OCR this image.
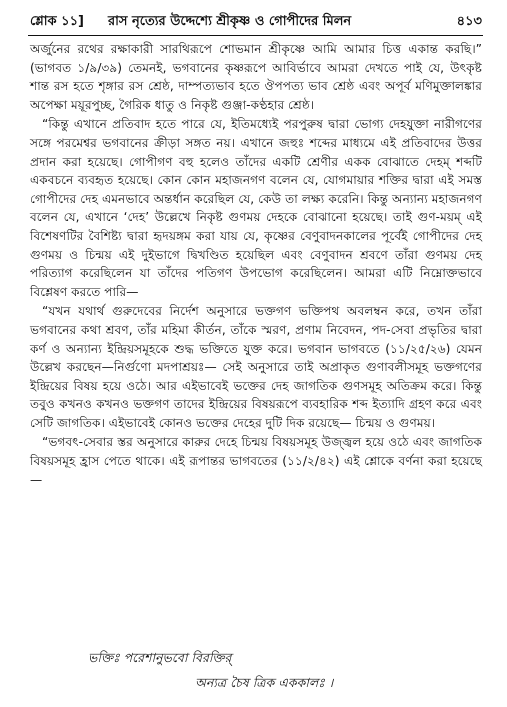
শ্লোক ১১] রাস নৃত্যের উদ্দেশ্যে শ্রীকৃষ্ণ ও গোপীদের মিলন	৪১৩

অর্জুনের রথের রক্ষাকারী সারথিরূপে শোভমান শ্রীকৃষ্ণে আমি আমার চিত্ত একান্ত করছি।” (ভাগবত ১/৯/৩৯) তেমনই, ভগবানের কৃষ্ণরূপে আবির্ভাবে আমরা দেখতে পাই যে, উৎকৃষ্ট শান্ত রস হতে শৃঙ্গার রস শ্রেষ্ঠ, দাম্পত্যভাব হতে ঔপপত্য ভাব শ্রেষ্ঠ এবং অপূর্ব মণিমুক্তালঙ্কার অপেক্ষা ময়ূরপুচ্ছ, গৈরিক ধাতু ও নিকৃষ্ট গুঞ্জা-কণ্ঠহার শ্রেষ্ঠ।

“কিন্তু এখানে প্রতিবাদ হতে পারে যে, ইতিমধ্যেই পরপুরুষ দ্বারা ভোগ্য দেহযুক্তা নারীগণের সঙ্গে পরমেশ্বর ভগবানের ক্রীড়া সঙ্গত নয়। এখানে জহুঃ শব্দের মাধ্যমে এই প্রতিবাদের উত্তর প্রদান করা হয়েছে। গোপীগণ বহু হলেও তাঁদের একটি শ্রেণীর একক বোঝাতে দেহম্ শব্দটি একবচনে ব্যবহৃত হয়েছে। কোন কোন মহাজনগণ বলেন যে, যোগমায়ার শক্তির দ্বারা এই সমস্ত গোপীদের দেহ এমনভাবে অন্তর্ধান করেছিল যে, কেউ তা লক্ষ্য করেনি। কিন্তু অন্যান্য মহাজনগণ বলেন যে, এখানে ‘দেহ’ উল্লেখে নিকৃষ্ট গুণময় দেহকে বোঝানো হয়েছে। তাই গুণ-ময়ম্ এই বিশেষণটির বৈশিষ্ট্য দ্বারা হৃদয়ঙ্গম করা যায় যে, কৃষ্ণের বেণুবাদনকালের পূর্বেই গোপীদের দেহ গুণময় ও চিন্ময় এই দুইভাগে দ্বিখণ্ডিত হয়েছিল এবং বেণুবাদন শ্রবণে তাঁরা গুণময় দেহ পরিত্যাগ করেছিলেন যা তাঁদের পতিগণ উপভোগ করেছিলেন। আমরা এটি নিম্নোক্তভাবে বিশ্লেষণ করতে পারি—

“যখন যথার্থ গুরুদেবের নির্দেশ অনুসারে ভক্তগণ ভক্তিপথ অবলম্বন করে, তখন তাঁরা ভগবানের কথা শ্রবণ, তাঁর মহিমা কীর্তন, তাঁকে স্মরণ, প্রণাম নিবেদন, পদ-সেবা প্রভৃতির দ্বারা কর্ণ ও অন্যান্য ইন্দ্রিয়সমূহকে শুদ্ধ ভক্তিতে যুক্ত করে। ভগবান ভাগবতে (১১/২৫/২৬) যেমন উল্লেখ করছেন—নির্গুণো মদপাশ্রয়ঃ— সেই অনুসারে তাই অপ্রাকৃত গুণাবলীসমূহ ভক্তগণের ইন্দ্রিয়ের বিষয় হয়ে ওঠে। আর এইভাবেই ভক্তের দেহ জাগতিক গুণসমূহ অতিক্রম করে। কিন্তু তবুও কখনও কখনও ভক্তগণ তাদের ইন্দ্রিয়ের বিষয়রূপে ব্যবহারিক শব্দ ইত্যাদি গ্রহণ করে এবং সেটি জাগতিক। এইভাবেই কোনও ভক্তের দেহের দুটি দিক রয়েছে— চিন্ময় ও গুণময়।

“ভগবৎ-সেবার স্তর অনুসারে কারুর দেহে চিন্ময় বিষয়সমূহ উজ্জ্বল হয়ে ওঠে এবং জাগতিক বিষয়সমূহ হ্রাস পেতে থাকে। এই রূপান্তর ভাগবতের (১১/২/৪২) এই শ্লোকে বর্ণনা করা হয়েছে—

ভক্তিঃ পরেশানুভবো বিরক্তির্
অন্যত্র চৈষ ত্রিক এককালঃ ।
